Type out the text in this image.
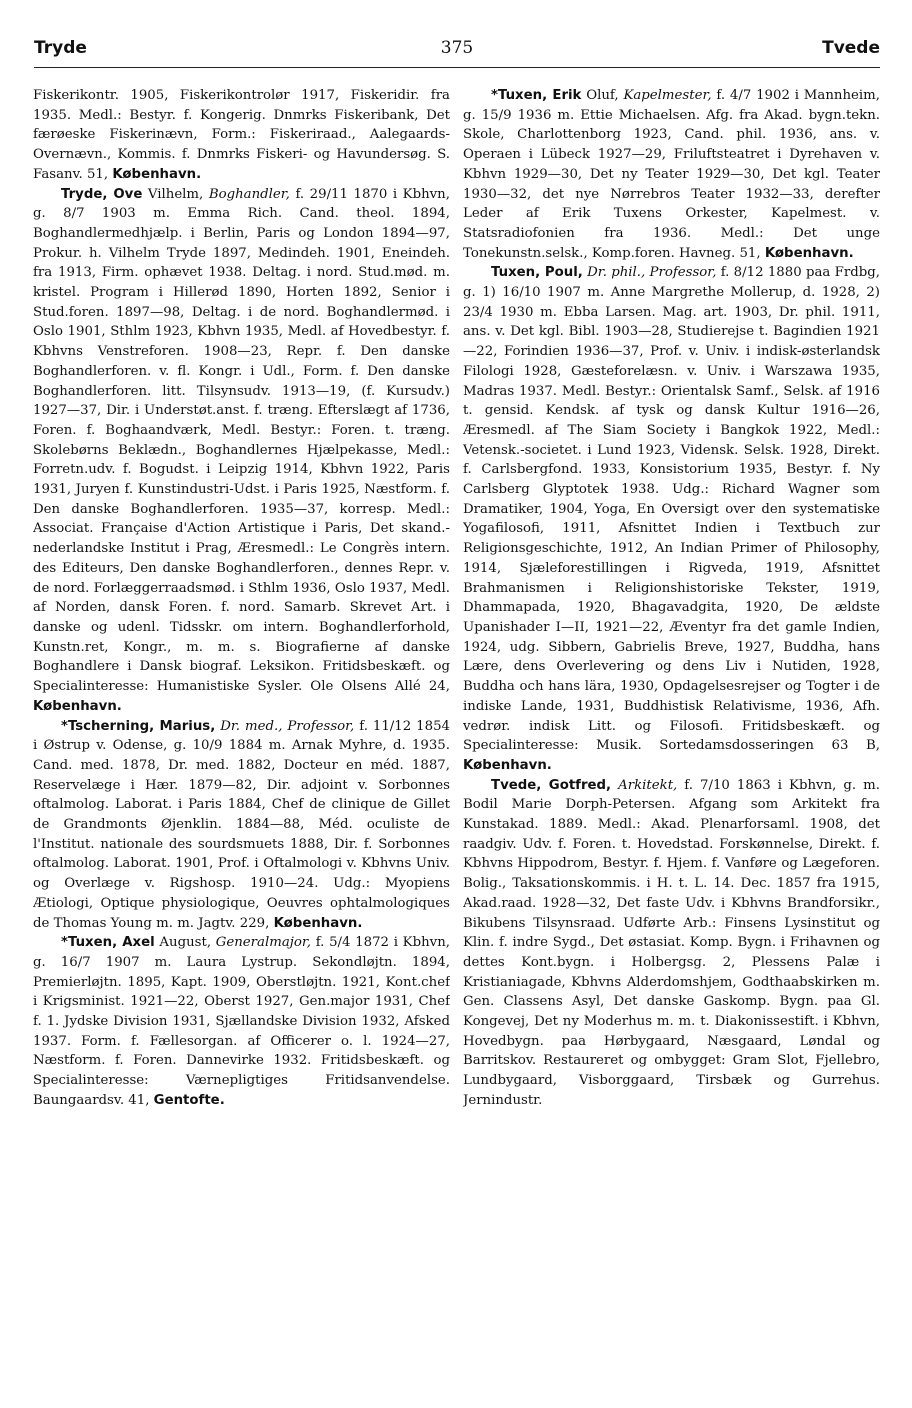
Tryde	375	Tvede

Fiskerikontr. 1905, Fiskerikontrolør 1917, Fiskeridir. fra 1935. Medl.: Bestyr. f. Kongerig. Dnmrks Fiskeribank, Det færøeske Fiskerinævn, Form.: Fiskeriraad., Aalegaards-Overnævn., Kommis. f. Dnmrks Fiskeri- og Havundersøg. S. Fasanv. 51, København.

Tryde, Ove Vilhelm, Boghandler, f. 29/11 1870 i Kbhvn, g. 8/7 1903 m. Emma Rich. Cand. theol. 1894, Boghandlermedhjælp. i Berlin, Paris og London 1894—97, Prokur. h. Vilhelm Tryde 1897, Medindeh. 1901, Eneindeh. fra 1913, Firm. ophævet 1938. Deltag. i nord. Stud.mød. m. kristel. Program i Hillerød 1890, Horten 1892, Senior i Stud.foren. 1897—98, Deltag. i de nord. Boghandlermød. i Oslo 1901, Sthlm 1923, Kbhvn 1935, Medl. af Hovedbestyr. f. Kbhvns Venstreforen. 1908—23, Repr. f. Den danske Boghandlerforen. v. fl. Kongr. i Udl., Form. f. Den danske Boghandlerforen. litt. Tilsynsudv. 1913—19, (f. Kursudv.) 1927—37, Dir. i Understøt.anst. f. træng. Efterslægt af 1736, Foren. f. Boghaandværk, Medl. Bestyr.: Foren. t. træng. Skolebørns Beklædn., Boghandlernes Hjælpekasse, Medl.: Forretn.udv. f. Bogudst. i Leipzig 1914, Kbhvn 1922, Paris 1931, Juryen f. Kunstindustri-Udst. i Paris 1925, Næstform. f. Den danske Boghandlerforen. 1935—37, korresp. Medl.: Associat. Française d'Action Artistique i Paris, Det skand.-nederlandske Institut i Prag, Æresmedl.: Le Congrès intern. des Editeurs, Den danske Boghandlerforen., dennes Repr. v. de nord. Forlæggerraadsmød. i Sthlm 1936, Oslo 1937, Medl. af Norden, dansk Foren. f. nord. Samarb. Skrevet Art. i danske og udenl. Tidsskr. om intern. Boghandlerforhold, Kunstn.ret, Kongr., m. m. s. Biografierne af danske Boghandlere i Dansk biograf. Leksikon. Fritidsbeskæft. og Specialinteresse: Humanistiske Sysler. Ole Olsens Allé 24, København.

*Tscherning, Marius, Dr. med., Professor, f. 11/12 1854 i Østrup v. Odense, g. 10/9 1884 m. Arnak Myhre, d. 1935. Cand. med. 1878, Dr. med. 1882, Docteur en méd. 1887, Reservelæge i Hær. 1879—82, Dir. adjoint v. Sorbonnes oftalmolog. Laborat. i Paris 1884, Chef de clinique de Gillet de Grandmonts Øjenklin. 1884—88, Méd. oculiste de l'Institut. nationale des sourdsmuets 1888, Dir. f. Sorbonnes oftalmolog. Laborat. 1901, Prof. i Oftalmologi v. Kbhvns Univ. og Overlæge v. Rigshosp. 1910—24. Udg.: Myopiens Ætiologi, Optique physiologique, Oeuvres ophtalmologiques de Thomas Young m. m. Jagtv. 229, København.

*Tuxen, Axel August, Generalmajor, f. 5/4 1872 i Kbhvn, g. 16/7 1907 m. Laura Lystrup. Sekondløjtn. 1894, Premierløjtn. 1895, Kapt. 1909, Oberstløjtn. 1921, Kont.chef i Krigsminist. 1921—22, Oberst 1927, Gen.major 1931, Chef f. 1. Jydske Division 1931, Sjællandske Division 1932, Afsked 1937. Form. f. Fællesorgan. af Officerer o. l. 1924—27, Næstform. f. Foren. Dannevirke 1932. Fritidsbeskæft. og Specialinteresse: Værnepligtiges Fritidsanvendelse. Baungaardsv. 41, Gentofte.

*Tuxen, Erik Oluf, Kapelmester, f. 4/7 1902 i Mannheim, g. 15/9 1936 m. Ettie Michaelsen. Afg. fra Akad. bygn.tekn. Skole, Charlottenborg 1923, Cand. phil. 1936, ans. v. Operaen i Lübeck 1927—29, Friluftsteatret i Dyrehaven v. Kbhvn 1929—30, Det ny Teater 1929—30, Det kgl. Teater 1930—32, det nye Nørrebros Teater 1932—33, derefter Leder af Erik Tuxens Orkester, Kapelmest. v. Statsradiofonien fra 1936. Medl.: Det unge Tonekunstn.selsk., Komp.foren. Havneg. 51, København.

Tuxen, Poul, Dr. phil., Professor, f. 8/12 1880 paa Frdbg, g. 1) 16/10 1907 m. Anne Margrethe Mollerup, d. 1928, 2) 23/4 1930 m. Ebba Larsen. Mag. art. 1903, Dr. phil. 1911, ans. v. Det kgl. Bibl. 1903—28, Studierejse t. Bagindien 1921—22, Forindien 1936—37, Prof. v. Univ. i indisk-østerlandsk Filologi 1928, Gæsteforelæsn. v. Univ. i Warszawa 1935, Madras 1937. Medl. Bestyr.: Orientalsk Samf., Selsk. af 1916 t. gensid. Kendsk. af tysk og dansk Kultur 1916—26, Æresmedl. af The Siam Society i Bangkok 1922, Medl.: Vetensk.-societet. i Lund 1923, Vidensk. Selsk. 1928, Direkt. f. Carlsbergfond. 1933, Konsistorium 1935, Bestyr. f. Ny Carlsberg Glyptotek 1938. Udg.: Richard Wagner som Dramatiker, 1904, Yoga, En Oversigt over den systematiske Yogafilosofi, 1911, Afsnittet Indien i Textbuch zur Religionsgeschichte, 1912, An Indian Primer of Philosophy, 1914, Sjæleforestillingen i Rigveda, 1919, Afsnittet Brahmanismen i Religionshistoriske Tekster, 1919, Dhammapada, 1920, Bhagavadgita, 1920, De ældste Upanishader I—II, 1921—22, Æventyr fra det gamle Indien, 1924, udg. Sibbern, Gabrielis Breve, 1927, Buddha, hans Lære, dens Overlevering og dens Liv i Nutiden, 1928, Buddha och hans lära, 1930, Opdagelsesrejser og Togter i de indiske Lande, 1931, Buddhistisk Relativisme, 1936, Afh. vedrør. indisk Litt. og Filosofi. Fritidsbeskæft. og Specialinteresse: Musik. Sortedamsdosseringen 63 B, København.

Tvede, Gotfred, Arkitekt, f. 7/10 1863 i Kbhvn, g. m. Bodil Marie Dorph-Petersen. Afgang som Arkitekt fra Kunstakad. 1889. Medl.: Akad. Plenarforsaml. 1908, det raadgiv. Udv. f. Foren. t. Hovedstad. Forskønnelse, Direkt. f. Kbhvns Hippodrom, Bestyr. f. Hjem. f. Vanføre og Lægeforen. Bolig., Taksationskommis. i H. t. L. 14. Dec. 1857 fra 1915, Akad.raad. 1928—32, Det faste Udv. i Kbhvns Brandforsikr., Bikubens Tilsynsraad. Udførte Arb.: Finsens Lysinstitut og Klin. f. indre Sygd., Det østasiat. Komp. Bygn. i Frihavnen og dettes Kont.bygn. i Holbergsg. 2, Plessens Palæ i Kristianiagade, Kbhvns Alderdomshjem, Godthaabskirken m. Gen. Classens Asyl, Det danske Gaskomp. Bygn. paa Gl. Kongevej, Det ny Moderhus m. m. t. Diakonissestift. i Kbhvn, Hovedbygn. paa Hørbygaard, Næsgaard, Løndal og Barritskov. Restaureret og ombygget: Gram Slot, Fjellebro, Lundbygaard, Visborggaard, Tirsbæk og Gurrehus. Jernindustr.
